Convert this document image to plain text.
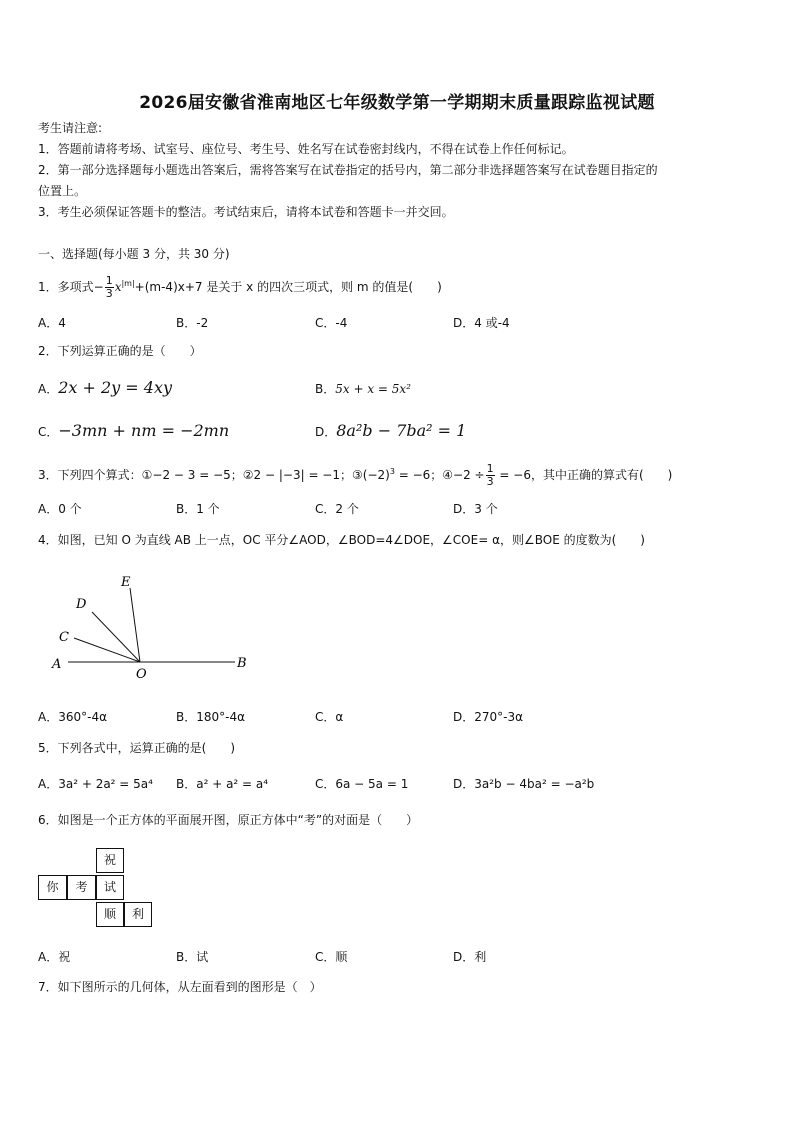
2026届安徽省淮南地区七年级数学第一学期期末质量跟踪监视试题
考生请注意:
1．答题前请将考场、试室号、座位号、考生号、姓名写在试卷密封线内，不得在试卷上作任何标记。
2．第一部分选择题每小题选出答案后，需将答案写在试卷指定的括号内，第二部分非选择题答案写在试卷题目指定的
位置上。
3．考生必须保证答题卡的整洁。考试结束后，请将本试卷和答题卡一并交回。
一、选择题(每小题 3 分，共 30 分)
1．多项式− $\frac{1}{3} x^{|m|}+(m-4)x+7$ 是关于 x 的四次三项式，则 m 的值是(　　)
A．4	B．-2	C．-4	D．4 或-4
2．下列运算正确的是（　　）
A．2x + 2y = 4xy	B．5x + x = 5x²
C．−3mn + nm = −2mn	D．8a²b − 7ba² = 1
3．下列四个算式：①−2 − 3 = −5；②2 − |−3| = −1；$③(-2)^3 = -6$；④−2 ÷ $\frac{1}{3} = -6$，其中正确的算式有(　　)
A．0 个	B．1 个	C．2 个	D．3 个
4．如图，已知 O 为直线 AB 上一点，OC 平分∠AOD，∠BOD=4∠DOE，∠COE= α，则∠BOE 的度数为(　　)
E
D
C
A
O
B
A．360°-4α	B．180°-4α	C．α	D．270°-3α
5．下列各式中，运算正确的是(　　)
A．3a² + 2a² = 5a⁴ B．a² + a² = a⁴	C．6a − 5a = 1	D．3a²b − 4ba² = −a²b
6．如图是一个正方体的平面展开图，原正方体中“考”的对面是（　　）
祝
你	考	试
顺	利
A．祝	B．试	C．顺	D．利
7．如下图所示的几何体，从左面看到的图形是（　）
